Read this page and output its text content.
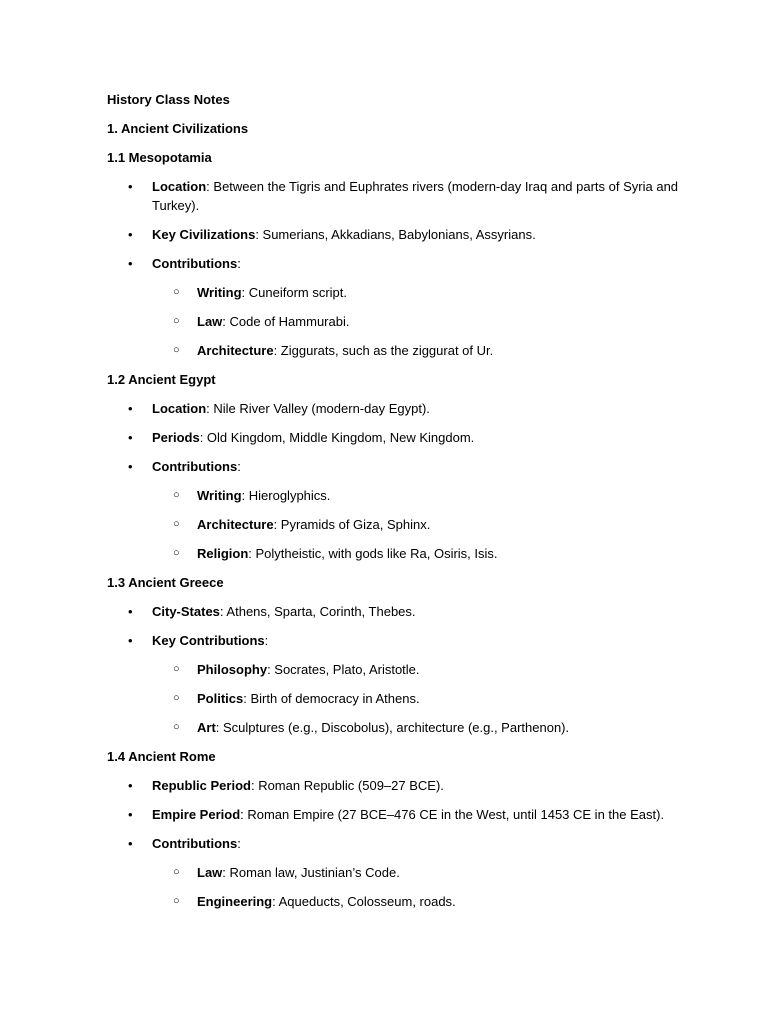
History Class Notes
1. Ancient Civilizations
1.1 Mesopotamia
• Location: Between the Tigris and Euphrates rivers (modern-day Iraq and parts of Syria and Turkey).
• Key Civilizations: Sumerians, Akkadians, Babylonians, Assyrians.
• Contributions:
○ Writing: Cuneiform script.
○ Law: Code of Hammurabi.
○ Architecture: Ziggurats, such as the ziggurat of Ur.
1.2 Ancient Egypt
• Location: Nile River Valley (modern-day Egypt).
• Periods: Old Kingdom, Middle Kingdom, New Kingdom.
• Contributions:
○ Writing: Hieroglyphics.
○ Architecture: Pyramids of Giza, Sphinx.
○ Religion: Polytheistic, with gods like Ra, Osiris, Isis.
1.3 Ancient Greece
• City-States: Athens, Sparta, Corinth, Thebes.
• Key Contributions:
○ Philosophy: Socrates, Plato, Aristotle.
○ Politics: Birth of democracy in Athens.
○ Art: Sculptures (e.g., Discobolus), architecture (e.g., Parthenon).
1.4 Ancient Rome
• Republic Period: Roman Republic (509–27 BCE).
• Empire Period: Roman Empire (27 BCE–476 CE in the West, until 1453 CE in the East).
• Contributions:
○ Law: Roman law, Justinian’s Code.
○ Engineering: Aqueducts, Colosseum, roads.
